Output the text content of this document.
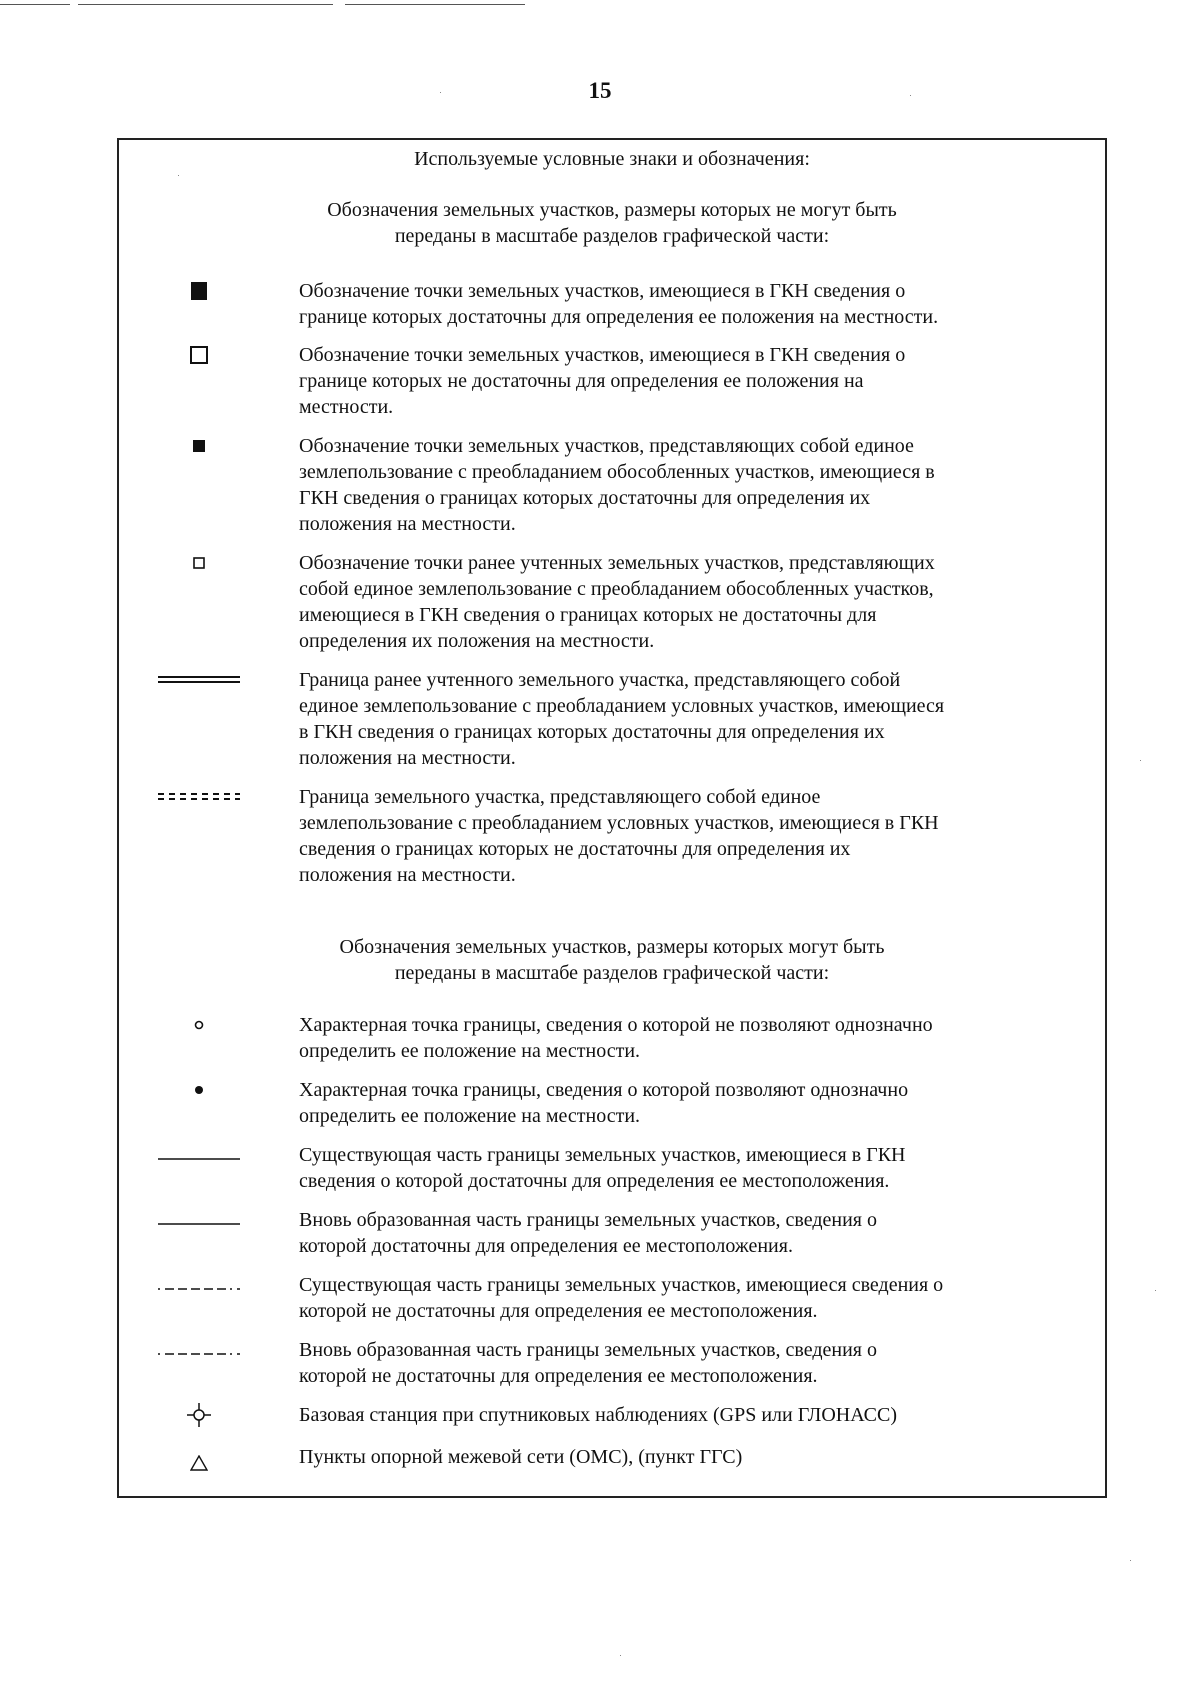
15
Используемые условные знаки и обозначения:
Обозначения земельных участков, размеры которых не могут быть
переданы в масштабе разделов графической части:
Обозначение точки земельных участков, имеющиеся в ГКН сведения о
границе которых достаточны для определения ее положения на местности.
Обозначение точки земельных участков, имеющиеся в ГКН сведения о
границе которых не достаточны для определения ее положения на
местности.
Обозначение точки земельных участков, представляющих собой единое
землепользование с преобладанием обособленных участков, имеющиеся в
ГКН сведения о границах которых достаточны для определения их
положения на местности.
Обозначение точки ранее учтенных земельных участков, представляющих
собой единое землепользование с преобладанием обособленных участков,
имеющиеся в ГКН сведения о границах которых не достаточны для
определения их положения на местности.
Граница ранее учтенного земельного участка, представляющего собой
единое землепользование с преобладанием условных участков, имеющиеся
в ГКН сведения о границах которых достаточны для определения их
положения на местности.
Граница земельного участка, представляющего собой единое
землепользование с преобладанием условных участков, имеющиеся в ГКН
сведения о границах которых не достаточны для определения их
положения на местности.
Обозначения земельных участков, размеры которых могут быть
переданы в масштабе разделов графической части:
Характерная точка границы, сведения о которой не позволяют однозначно
определить ее положение на местности.
Характерная точка границы, сведения о которой позволяют однозначно
определить ее положение на местности.
Существующая часть границы земельных участков, имеющиеся в ГКН
сведения о которой достаточны для определения ее местоположения.
Вновь образованная часть границы земельных участков, сведения о
которой достаточны для определения ее местоположения.
Существующая часть границы земельных участков, имеющиеся сведения о
которой не достаточны для определения ее местоположения.
Вновь образованная часть границы земельных участков, сведения о
которой не достаточны для определения ее местоположения.
Базовая станция при спутниковых наблюдениях (GPS или ГЛОНАСС)
Пункты опорной межевой сети (ОМС), (пункт ГГС)
